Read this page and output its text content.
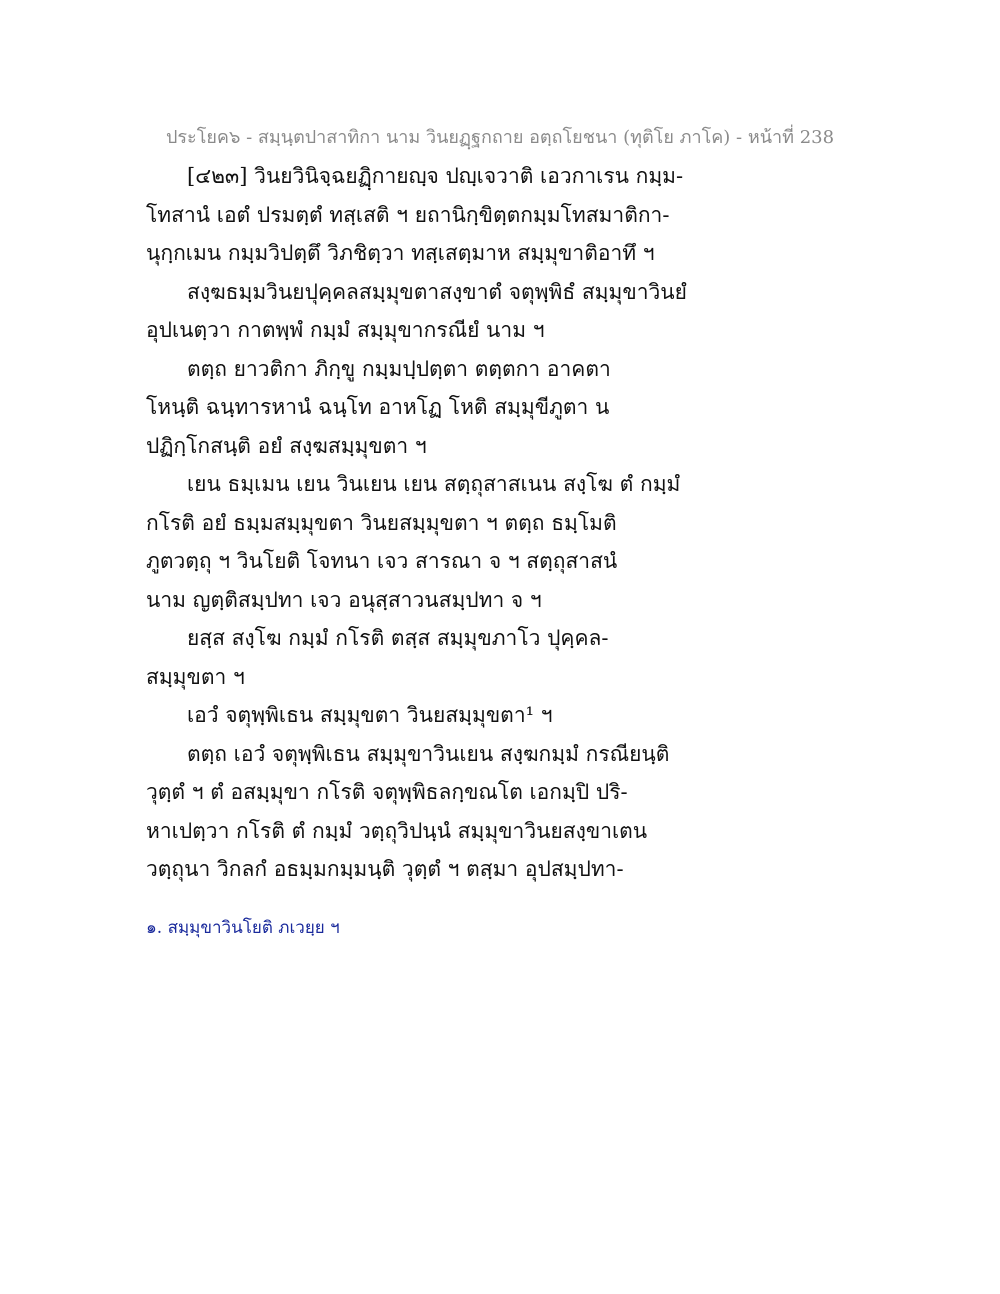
ประโยค๖ - สมฺนฺตปาสาทิกา นาม วินยฏฺฐกถาย อตฺถโยชนา (ทุติโย ภาโค) - หน้าที่ 238
[๔๒๓] วินยวินิจฺฉยฏฺิกายญฺจ ปญฺเจวาติ เอวกาเรน กมฺม-
โทสานํ เอตํ ปรมตฺตํ ทสฺเสติ ฯ ยถานิกฺขิตฺตกมฺมโทสมาติกา-
นุกฺกเมน กมฺมวิปตฺตึ วิภชิตฺวา ทสฺเสตฺมาห สมฺมุขาติอาทึ ฯ
สงฺฆธมฺมวินยปุคฺคลสมฺมุขตาสงฺขาตํ จตุพฺพิธํ สมฺมุขาวินยํ
อุปเนตฺวา กาตพฺพํ กมฺมํ สมฺมุขากรณียํ นาม ฯ
ตตฺถ ยาวติกา ภิกฺขู กมฺมปฺปตฺตา ตตฺตกา อาคตา
โหนฺติ ฉนฺทารหานํ ฉนฺโท อาหโฏ โหติ สมฺมุขีภูตา น
ปฏิกฺโกสนฺติ อยํ สงฺฆสมฺมุขตา ฯ
เยน ธมฺเมน เยน วินเยน เยน สตฺถุสาสเนน สงฺโฆ ตํ กมฺมํ
กโรติ อยํ ธมฺมสมฺมุขตา วินยสมฺมุขตา ฯ ตตฺถ ธมฺโมติ
ภูตวตฺถุ ฯ วินโยติ โจทนา เจว สารณา จ ฯ สตฺถุสาสนํ
นาม ญตฺติสมฺปทา เจว อนุสฺสาวนสมฺปทา จ ฯ
ยสฺส สงฺโฆ กมฺมํ กโรติ ตสฺส สมฺมุขภาโว ปุคฺคล-
สมฺมุขตา ฯ
เอวํ จตุพฺพิเธน สมฺมุขตา วินยสมฺมุขตา¹ ฯ
ตตฺถ เอวํ จตุพฺพิเธน สมฺมุขาวินเยน สงฺฆกมฺมํ กรณียนฺติ
วุตฺตํ ฯ ตํ อสมฺมุขา กโรติ จตุพฺพิธลกฺขณโต เอกมฺปิ ปริ-
หาเปตฺวา กโรติ ตํ กมฺมํ วตฺถุวิปนฺนํ สมฺมุขาวินยสงฺขาเตน
วตฺถุนา วิกลกํ อธมฺมกมฺมนฺติ วุตฺตํ ฯ ตสฺมา อุปสมฺปทา-
๑. สมฺมุขาวินโยติ ภเวยฺย ฯ
